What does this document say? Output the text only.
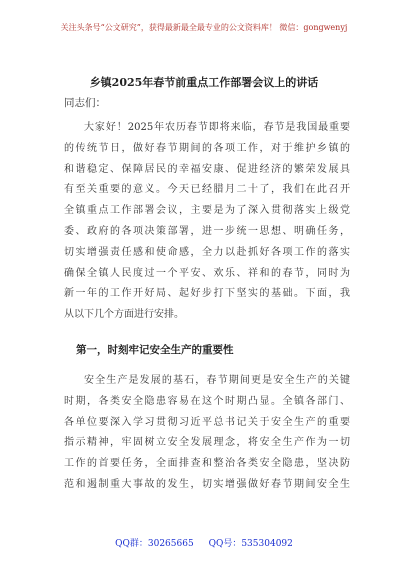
关注头条号“公文研究”，获得最新最全最专业的公文资料库！ 微信：gongwenyj
乡镇2025年春节前重点工作部署会议上的讲话
同志们：
大家好！2025年农历春节即将来临，春节是我国最重要
的传统节日，做好春节期间的各项工作，对于维护乡镇的
和谐稳定、保障居民的幸福安康、促进经济的繁荣发展具
有至关重要的意义。今天已经腊月二十了，我们在此召开
全镇重点工作部署会议，主要是为了深入贯彻落实上级党
委、政府的各项决策部署，进一步统一思想、明确任务，
切实增强责任感和使命感，全力以赴抓好各项工作的落实
确保全镇人民度过一个平安、欢乐、祥和的春节，同时为
新一年的工作开好局、起好步打下坚实的基础。下面，我
从以下几个方面进行安排。
第一，时刻牢记安全生产的重要性
安全生产是发展的基石，春节期间更是安全生产的关键
时期，各类安全隐患容易在这个时期凸显。全镇各部门、
各单位要深入学习贯彻习近平总书记关于安全生产的重要
指示精神，牢固树立安全发展理念，将安全生产作为一切
工作的首要任务，全面排查和整治各类安全隐患，坚决防
范和遏制重大事故的发生，切实增强做好春节期间安全生
QQ群：30265665 QQ号：535304092
